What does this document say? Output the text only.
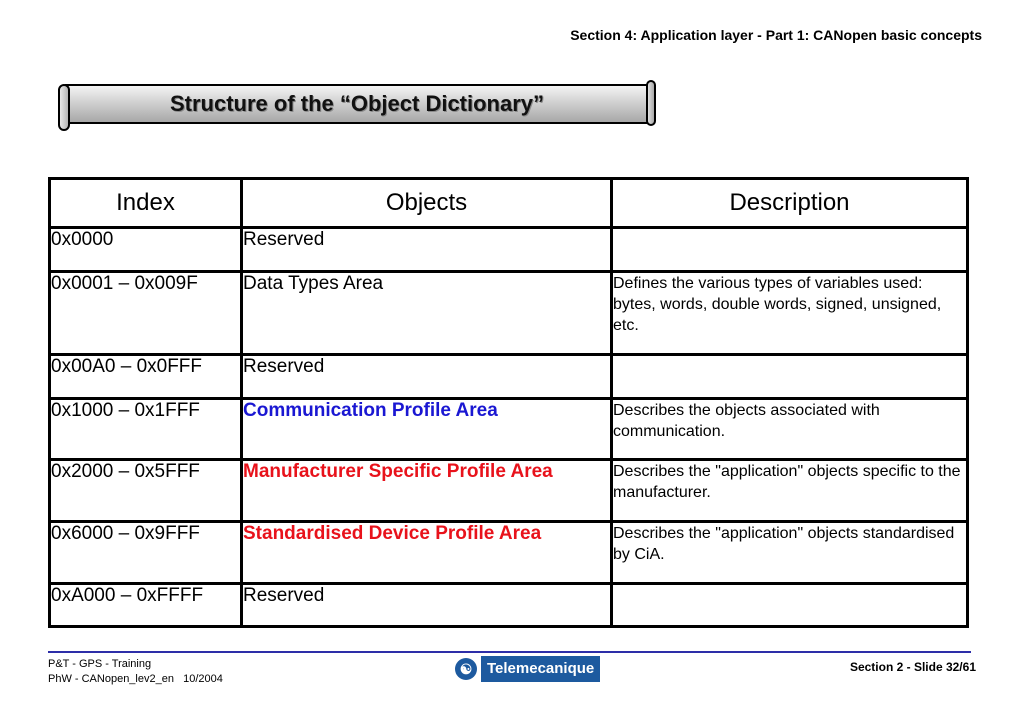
Section 4: Application layer - Part 1: CANopen basic concepts
Structure of the “Object Dictionary”
Index	Objects	Description
0x0000	Reserved	
0x0001 – 0x009F	Data Types Area	Defines the various types of variables used: bytes, words, double words, signed, unsigned, etc.
0x00A0 – 0x0FFF	Reserved	
0x1000 – 0x1FFF	Communication Profile Area	Describes the objects associated with communication.
0x2000 – 0x5FFF	Manufacturer Specific Profile Area	Describes the "application" objects specific to the manufacturer.
0x6000 – 0x9FFF	Standardised Device Profile Area	Describes the "application" objects standardised by CiA.
0xA000 – 0xFFFF	Reserved	
P&T - GPS - Training
PhW - CANopen_lev2_en 10/2004
☯ Telemecanique	Section 2 - Slide 32/61
